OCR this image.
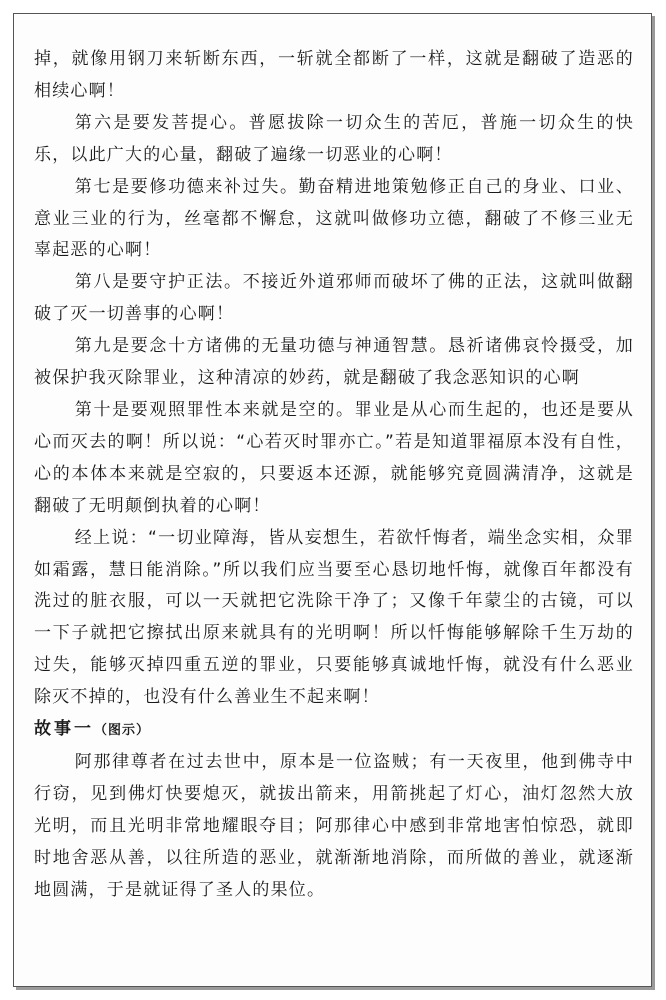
掉，就像用钢刀来斩断东西，一斩就全都断了一样，这就是翻破了造恶的相续心啊！

第六是要发菩提心。普愿拔除一切众生的苦厄，普施一切众生的快乐，以此广大的心量，翻破了遍缘一切恶业的心啊！

第七是要修功德来补过失。勤奋精进地策勉修正自己的身业、口业、意业三业的行为，丝毫都不懈怠，这就叫做修功立德，翻破了不修三业无辜起恶的心啊！

第八是要守护正法。不接近外道邪师而破坏了佛的正法，这就叫做翻破了灭一切善事的心啊！

第九是要念十方诸佛的无量功德与神通智慧。恳祈诸佛哀怜摄受，加被保护我灭除罪业，这种清凉的妙药，就是翻破了我念恶知识的心啊

第十是要观照罪性本来就是空的。罪业是从心而生起的，也还是要从心而灭去的啊！所以说：“心若灭时罪亦亡。”若是知道罪福原本没有自性，心的本体本来就是空寂的，只要返本还源，就能够究竟圆满清净，这就是翻破了无明颠倒执着的心啊！

经上说：“一切业障海，皆从妄想生，若欲忏悔者，端坐念实相，众罪如霜露，慧日能消除。”所以我们应当要至心恳切地忏悔，就像百年都没有洗过的脏衣服，可以一天就把它洗除干净了；又像千年蒙尘的古镜，可以一下子就把它擦拭出原来就具有的光明啊！所以忏悔能够解除千生万劫的过失，能够灭掉四重五逆的罪业，只要能够真诚地忏悔，就没有什么恶业除灭不掉的，也没有什么善业生不起来啊！

故事一（图示）

阿那律尊者在过去世中，原本是一位盗贼；有一天夜里，他到佛寺中行窃，见到佛灯快要熄灭，就拔出箭来，用箭挑起了灯心，油灯忽然大放光明，而且光明非常地耀眼夺目；阿那律心中感到非常地害怕惊恐，就即时地舍恶从善，以往所造的恶业，就渐渐地消除，而所做的善业，就逐渐地圆满，于是就证得了圣人的果位。
